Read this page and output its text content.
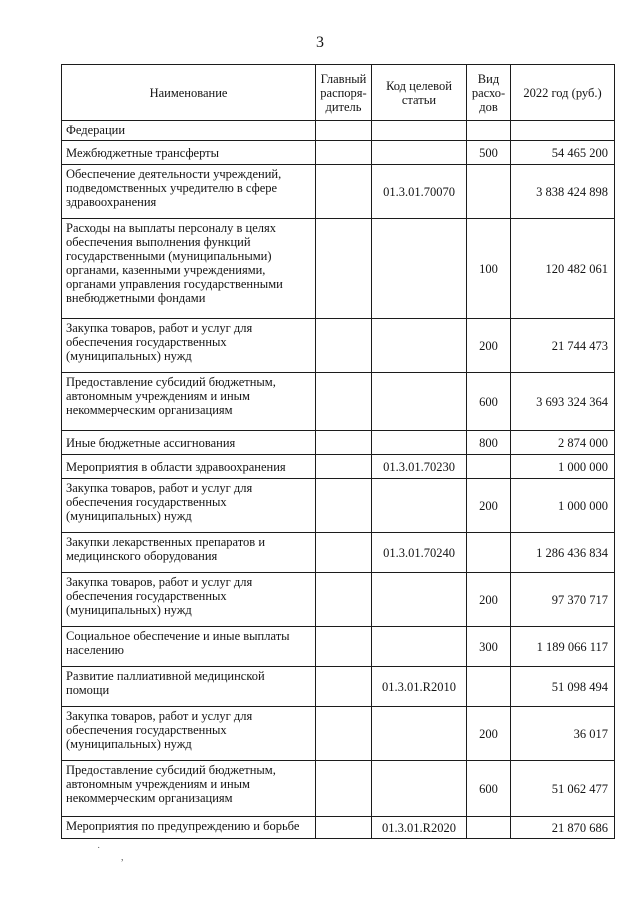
3
Наименование	Главный распоря-дитель	Код целевой статьи	Вид расхо-дов	2022 год (руб.)
Федерации				
Межбюджетные трансферты			500	54 465 200
Обеспечение деятельности учреждений, подведомственных учредителю в сфере здравоохранения		01.3.01.70070		3 838 424 898
Расходы на выплаты персоналу в целях обеспечения выполнения функций государственными (муниципальными) органами, казенными учреждениями, органами управления государственными внебюджетными фондами			100	120 482 061
Закупка товаров, работ и услуг для обеспечения государственных (муниципальных) нужд			200	21 744 473
Предоставление субсидий бюджетным, автономным учреждениям и иным некоммерческим организациям			600	3 693 324 364
Иные бюджетные ассигнования			800	2 874 000
Мероприятия в области здравоохранения		01.3.01.70230		1 000 000
Закупка товаров, работ и услуг для обеспечения государственных (муниципальных) нужд			200	1 000 000
Закупки лекарственных препаратов и медицинского оборудования		01.3.01.70240		1 286 436 834
Закупка товаров, работ и услуг для обеспечения государственных (муниципальных) нужд			200	97 370 717
Социальное обеспечение и иные выплаты населению			300	1 189 066 117
Развитие паллиативной медицинской помощи		01.3.01.R2010		51 098 494
Закупка товаров, работ и услуг для обеспечения государственных (муниципальных) нужд			200	36 017
Предоставление субсидий бюджетным, автономным учреждениям и иным некоммерческим организациям			600	51 062 477
Мероприятия по предупреждению и борьбе		01.3.01.R2020		21 870 686
˙
,
